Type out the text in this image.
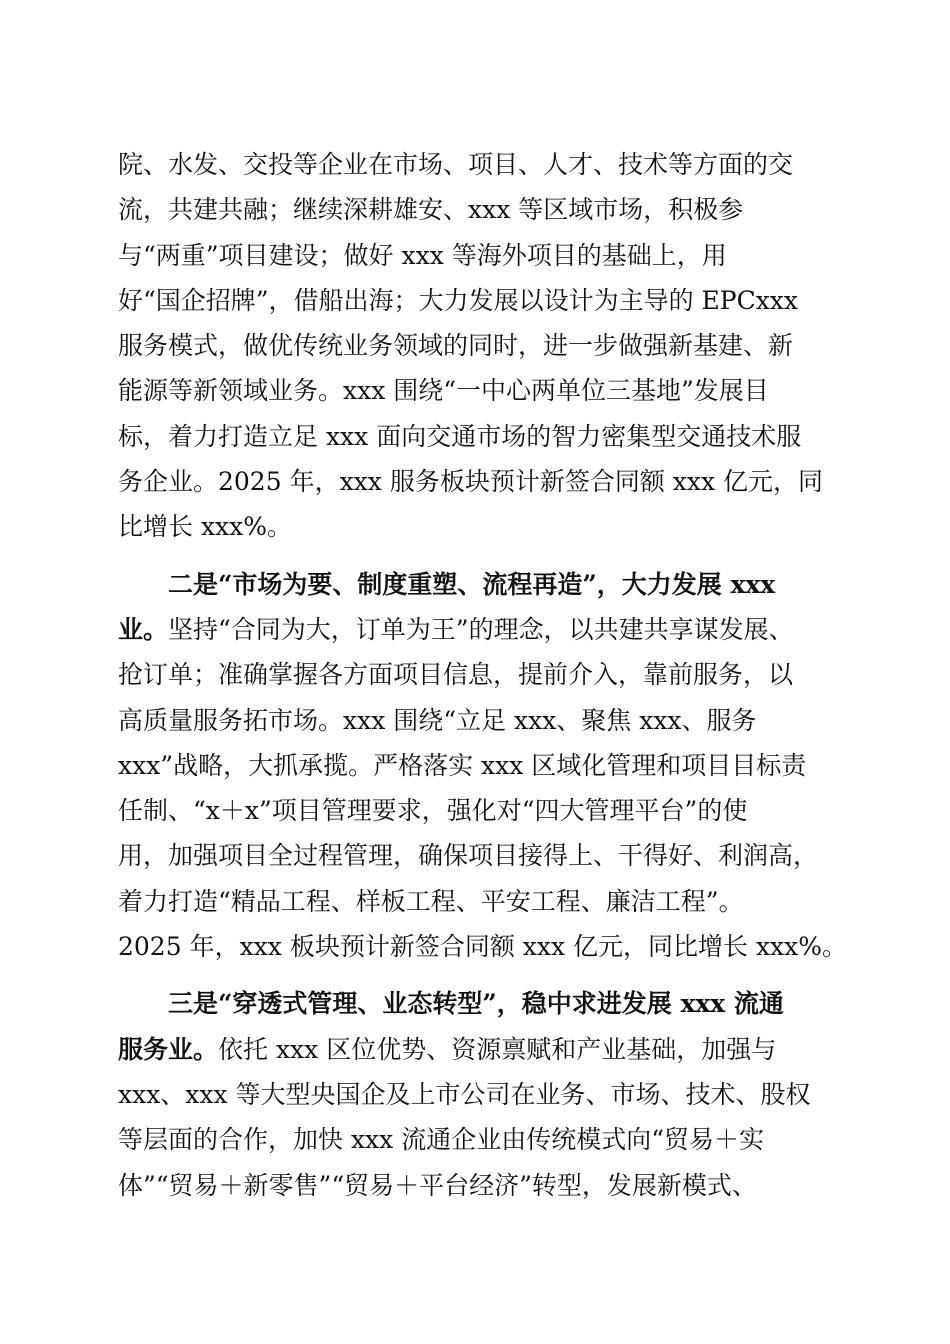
院、水发、交投等企业在市场、项目、人才、技术等方面的交
流，共建共融；继续深耕雄安、xxx 等区域市场，积极参
与“两重”项目建设；做好 xxx 等海外项目的基础上，用
好“国企招牌”，借船出海；大力发展以设计为主导的 EPCxxx
服务模式，做优传统业务领域的同时，进一步做强新基建、新
能源等新领域业务。xxx 围绕“一中心两单位三基地”发展目
标，着力打造立足 xxx 面向交通市场的智力密集型交通技术服
务企业。2025 年，xxx 服务板块预计新签合同额 xxx 亿元，同
比增长 xxx%。
二是“市场为要、制度重塑、流程再造”，大力发展 xxx
业。坚持“合同为大，订单为王”的理念，以共建共享谋发展、
抢订单；准确掌握各方面项目信息，提前介入，靠前服务，以
高质量服务拓市场。xxx 围绕“立足 xxx、聚焦 xxx、服务
xxx”战略，大抓承揽。严格落实 xxx 区域化管理和项目目标责
任制、“x＋x”项目管理要求，强化对“四大管理平台”的使
用，加强项目全过程管理，确保项目接得上、干得好、利润高，
着力打造“精品工程、样板工程、平安工程、廉洁工程”。
2025 年，xxx 板块预计新签合同额 xxx 亿元，同比增长 xxx%。
三是“穿透式管理、业态转型”，稳中求进发展 xxx 流通
服务业。依托 xxx 区位优势、资源禀赋和产业基础，加强与
xxx、xxx 等大型央国企及上市公司在业务、市场、技术、股权
等层面的合作，加快 xxx 流通企业由传统模式向“贸易＋实
体”“贸易＋新零售”“贸易＋平台经济”转型，发展新模式、
